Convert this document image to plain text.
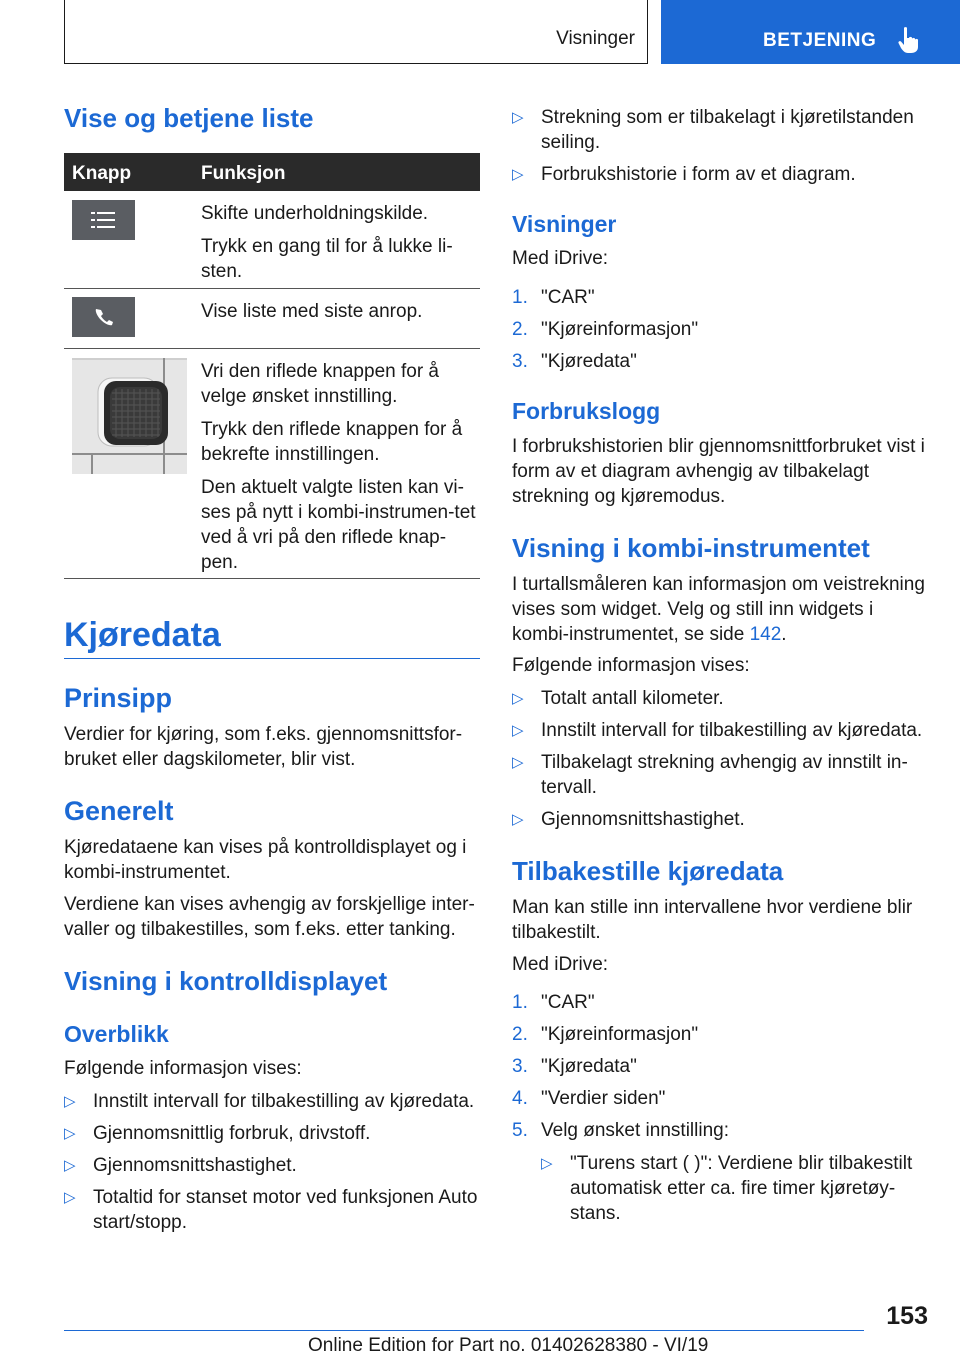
Visninger	BETJENING
Vise og betjene liste
Knapp	Funksjon

Skifte underholdningskilde.

Trykk en gang til for å lukke li-sten.

Vise liste med siste anrop.

Vri den riflede knappen for å velge ønsket innstilling.

Trykk den riflede knappen for å bekrefte innstillingen.

Den aktuelt valgte listen kan vi-ses på nytt i kombi-instrumen-tet ved å vri på den riflede knap-pen.

Kjøredata
Prinsipp

Verdier for kjøring, som f.eks. gjennomsnittsfor-bruket eller dagskilometer, blir vist.

Generelt

Kjøredataene kan vises på kontrolldisplayet og i kombi-instrumentet.

Verdiene kan vises avhengig av forskjellige inter-valler og tilbakestilles, som f.eks. etter tanking.

Visning i kontrolldisplayet
Overblikk

Følgende informasjon vises:

▷ Innstilt intervall for tilbakestilling av kjøredata.
▷ Gjennomsnittlig forbruk, drivstoff.
▷ Gjennomsnittshastighet.
▷ Totaltid for stanset motor ved funksjonen Auto start/stopp.
▷ Strekning som er tilbakelagt i kjøretilstanden seiling.
▷ Forbrukshistorie i form av et diagram.
Visninger

Med iDrive:

1. "CAR"
2. "Kjøreinformasjon"
3. "Kjøredata"
Forbrukslogg

I forbrukshistorien blir gjennomsnittforbruket vist i form av et diagram avhengig av tilbakelagt strekning og kjøremodus.

Visning i kombi-instrumentet

I turtallsmåleren kan informasjon om veistrekning vises som widget. Velg og still inn widgets i kombi-instrumentet, se side 142.

Følgende informasjon vises:

▷ Totalt antall kilometer.
▷ Innstilt intervall for tilbakestilling av kjøredata.
▷ Tilbakelagt strekning avhengig av innstilt in-tervall.
▷ Gjennomsnittshastighet.
Tilbakestille kjøredata

Man kan stille inn intervallene hvor verdiene blir tilbakestilt.

Med iDrive:

1. "CAR"
2. "Kjøreinformasjon"
3. "Kjøredata"
4. "Verdier siden"
5. Velg ønsket innstilling:
▷ "Turens start ( )": Verdiene blir tilbakestilt automatisk etter ca. fire timer kjøretøy-stans.
153
Online Edition for Part no. 01402628380 - VI/19
